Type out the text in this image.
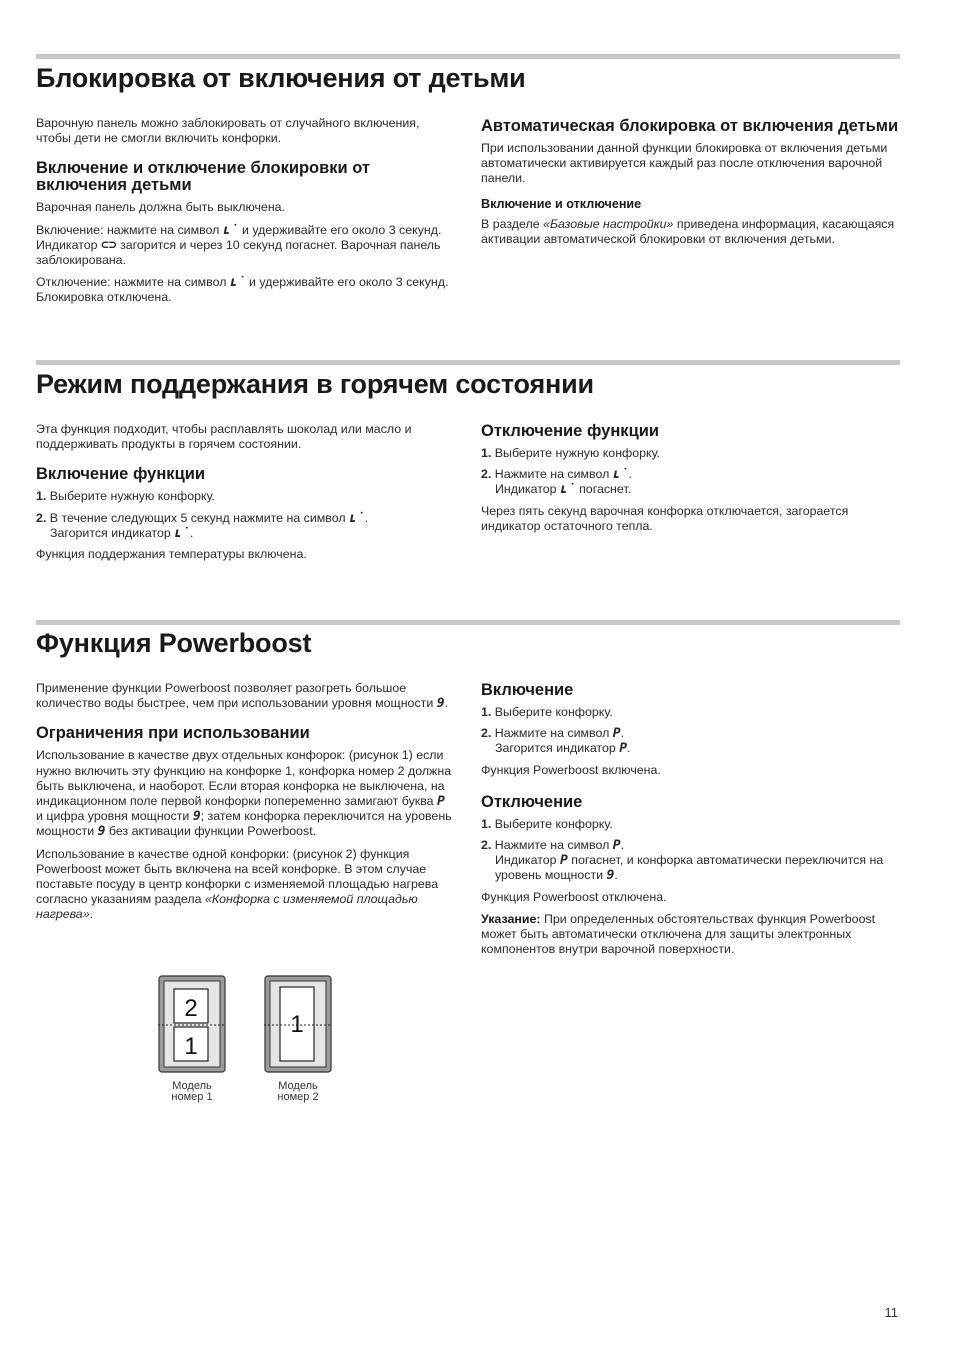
Блокировка от включения от детьми

Варочную панель можно заблокировать от случайного включения, чтобы дети не смогли включить конфорки.

Включение и отключение блокировки от включения детьми

Варочная панель должна быть выключена.

Включение: нажмите на символ ʟ̇ и удерживайте его около 3 секунд. Индикатор ⊂⊃ загорится и через 10 секунд погаснет. Варочная панель заблокирована.

Отключение: нажмите на символ ʟ̇ и удерживайте его около 3 секунд. Блокировка отключена.

Автоматическая блокировка от включения детьми

При использовании данной функции блокировка от включения детьми автоматически активируется каждый раз после отключения варочной панели.

Включение и отключение

В разделе «Базовые настройки» приведена информация, касающаяся активации автоматической блокировки от включения детьми.

Режим поддержания в горячем состоянии

Эта функция подходит, чтобы расплавлять шоколад или масло и поддерживать продукты в горячем состоянии.

Включение функции
1. Выберите нужную конфорку.
2. В течение следующих 5 секунд нажмите на символ ʟ̇.
Загорится индикатор ʟ̇.

Функция поддержания температуры включена.

Отключение функции
1. Выберите нужную конфорку.
2. Нажмите на символ ʟ̇.
Индикатор ʟ̇ погаснет.

Через пять секунд варочная конфорка отключается, загорается индикатор остаточного тепла.

Функция Powerboost

Применение функции Powerboost позволяет разогреть большое количество воды быстрее, чем при использовании уровня мощности 9.

Ограничения при использовании

Использование в качестве двух отдельных конфорок: (рисунок 1) если нужно включить эту функцию на конфорке 1, конфорка номер 2 должна быть выключена, и наоборот. Если вторая конфорка не выключена, на индикационном поле первой конфорки попеременно замигают буква P и цифра уровня мощности 9; затем конфорка переключится на уровень мощности 9 без активации функции Powerboost.

Использование в качестве одной конфорки: (рисунок 2) функция Powerboost может быть включена на всей конфорке. В этом случае поставьте посуду в центр конфорки с изменяемой площадью нагрева согласно указаниям раздела «Конфорка с изменяемой площадью нагрева».

2
1
Модель
номер 1
1
Модель
номер 2
Включение
1. Выберите конфорку.
2. Нажмите на символ P.
Загорится индикатор P.

Функция Powerboost включена.

Отключение
1. Выберите конфорку.
2. Нажмите на символ P.
Индикатор P погаснет, и конфорка автоматически переключится на уровень мощности 9.

Функция Powerboost отключена.

Указание: При определенных обстоятельствах функция Powerboost может быть автоматически отключена для защиты электронных компонентов внутри варочной поверхности.

11
